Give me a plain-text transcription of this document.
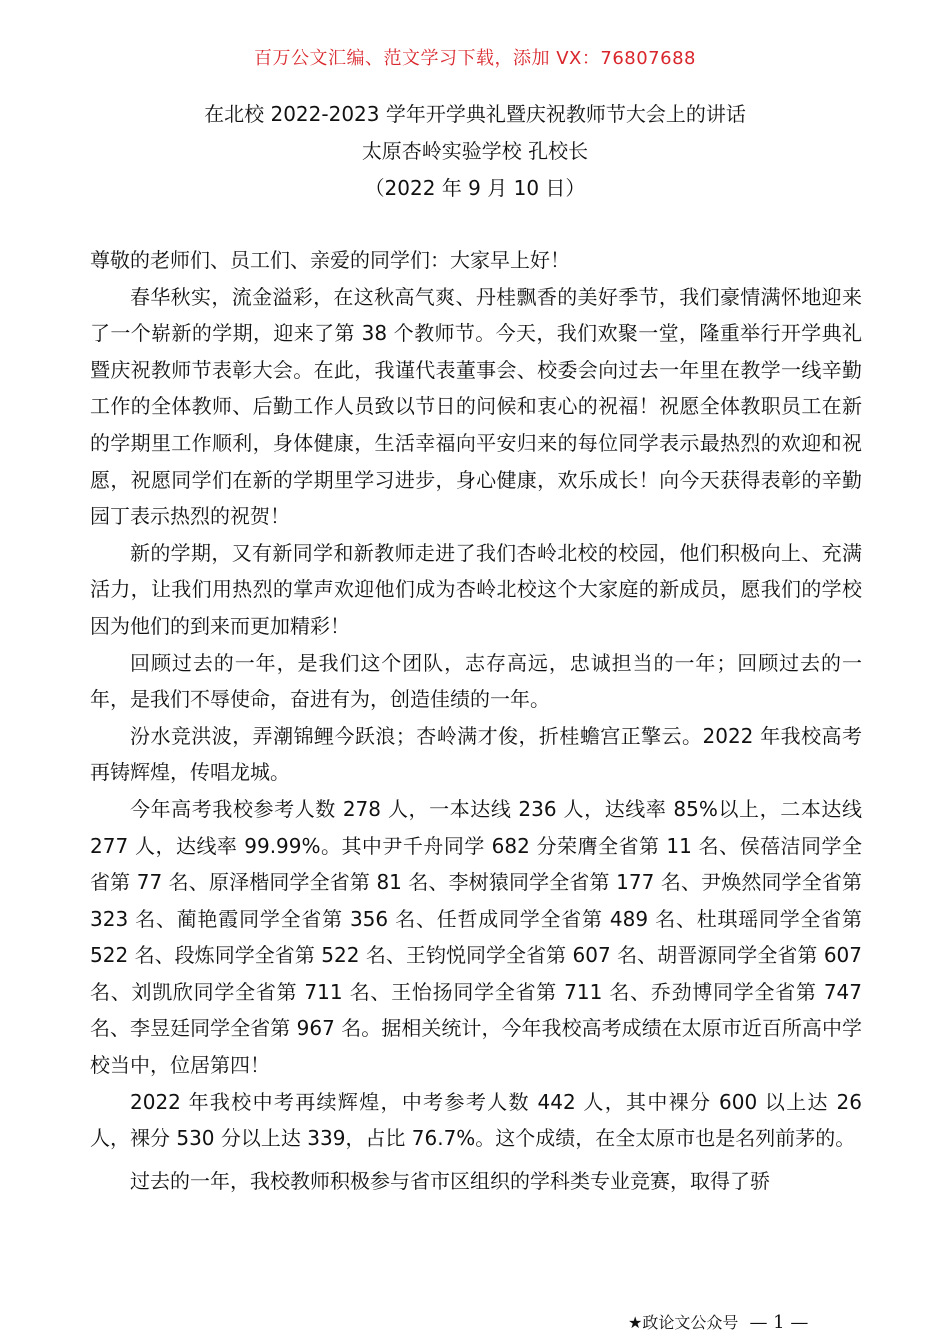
百万公文汇编、范文学习下载，添加 VX：76807688
在北校 2022-2023 学年开学典礼暨庆祝教师节大会上的讲话
太原杏岭实验学校 孔校长
（2022 年 9 月 10 日）

尊敬的老师们、员工们、亲爱的同学们：大家早上好！

春华秋实，流金溢彩，在这秋高气爽、丹桂飘香的美好季节，我们豪情满怀地迎来了一个崭新的学期，迎来了第 38 个教师节。今天，我们欢聚一堂，隆重举行开学典礼暨庆祝教师节表彰大会。在此，我谨代表董事会、校委会向过去一年里在教学一线辛勤工作的全体教师、后勤工作人员致以节日的问候和衷心的祝福！祝愿全体教职员工在新的学期里工作顺利，身体健康，生活幸福向平安归来的每位同学表示最热烈的欢迎和祝愿，祝愿同学们在新的学期里学习进步，身心健康，欢乐成长！向今天获得表彰的辛勤园丁表示热烈的祝贺！

新的学期，又有新同学和新教师走进了我们杏岭北校的校园，他们积极向上、充满活力，让我们用热烈的掌声欢迎他们成为杏岭北校这个大家庭的新成员，愿我们的学校因为他们的到来而更加精彩！

回顾过去的一年，是我们这个团队，志存高远，忠诚担当的一年；回顾过去的一年，是我们不辱使命，奋进有为，创造佳绩的一年。

汾水竞洪波，弄潮锦鲤今跃浪；杏岭满才俊，折桂蟾宫正擎云。2022 年我校高考再铸辉煌，传唱龙城。

今年高考我校参考人数 278 人，一本达线 236 人，达线率 85%以上，二本达线 277 人，达线率 99.99%。其中尹千舟同学 682 分荣膺全省第 11 名、侯蓓洁同学全省第 77 名、原泽楷同学全省第 81 名、李树猿同学全省第 177 名、尹焕然同学全省第 323 名、蔺艳霞同学全省第 356 名、任哲成同学全省第 489 名、杜琪瑶同学全省第 522 名、段炼同学全省第 522 名、王钧悦同学全省第 607 名、胡晋源同学全省第 607 名、刘凯欣同学全省第 711 名、王怡扬同学全省第 711 名、乔劲博同学全省第 747 名、李昱廷同学全省第 967 名。据相关统计，今年我校高考成绩在太原市近百所高中学校当中，位居第四！

2022 年我校中考再续辉煌，中考参考人数 442 人，其中裸分 600 以上达 26 人，裸分 530 分以上达 339，占比 76.7%。这个成绩，在全太原市也是名列前茅的。

过去的一年，我校教师积极参与省市区组织的学科类专业竞赛，取得了骄

★政论文公众号 — 1 —
